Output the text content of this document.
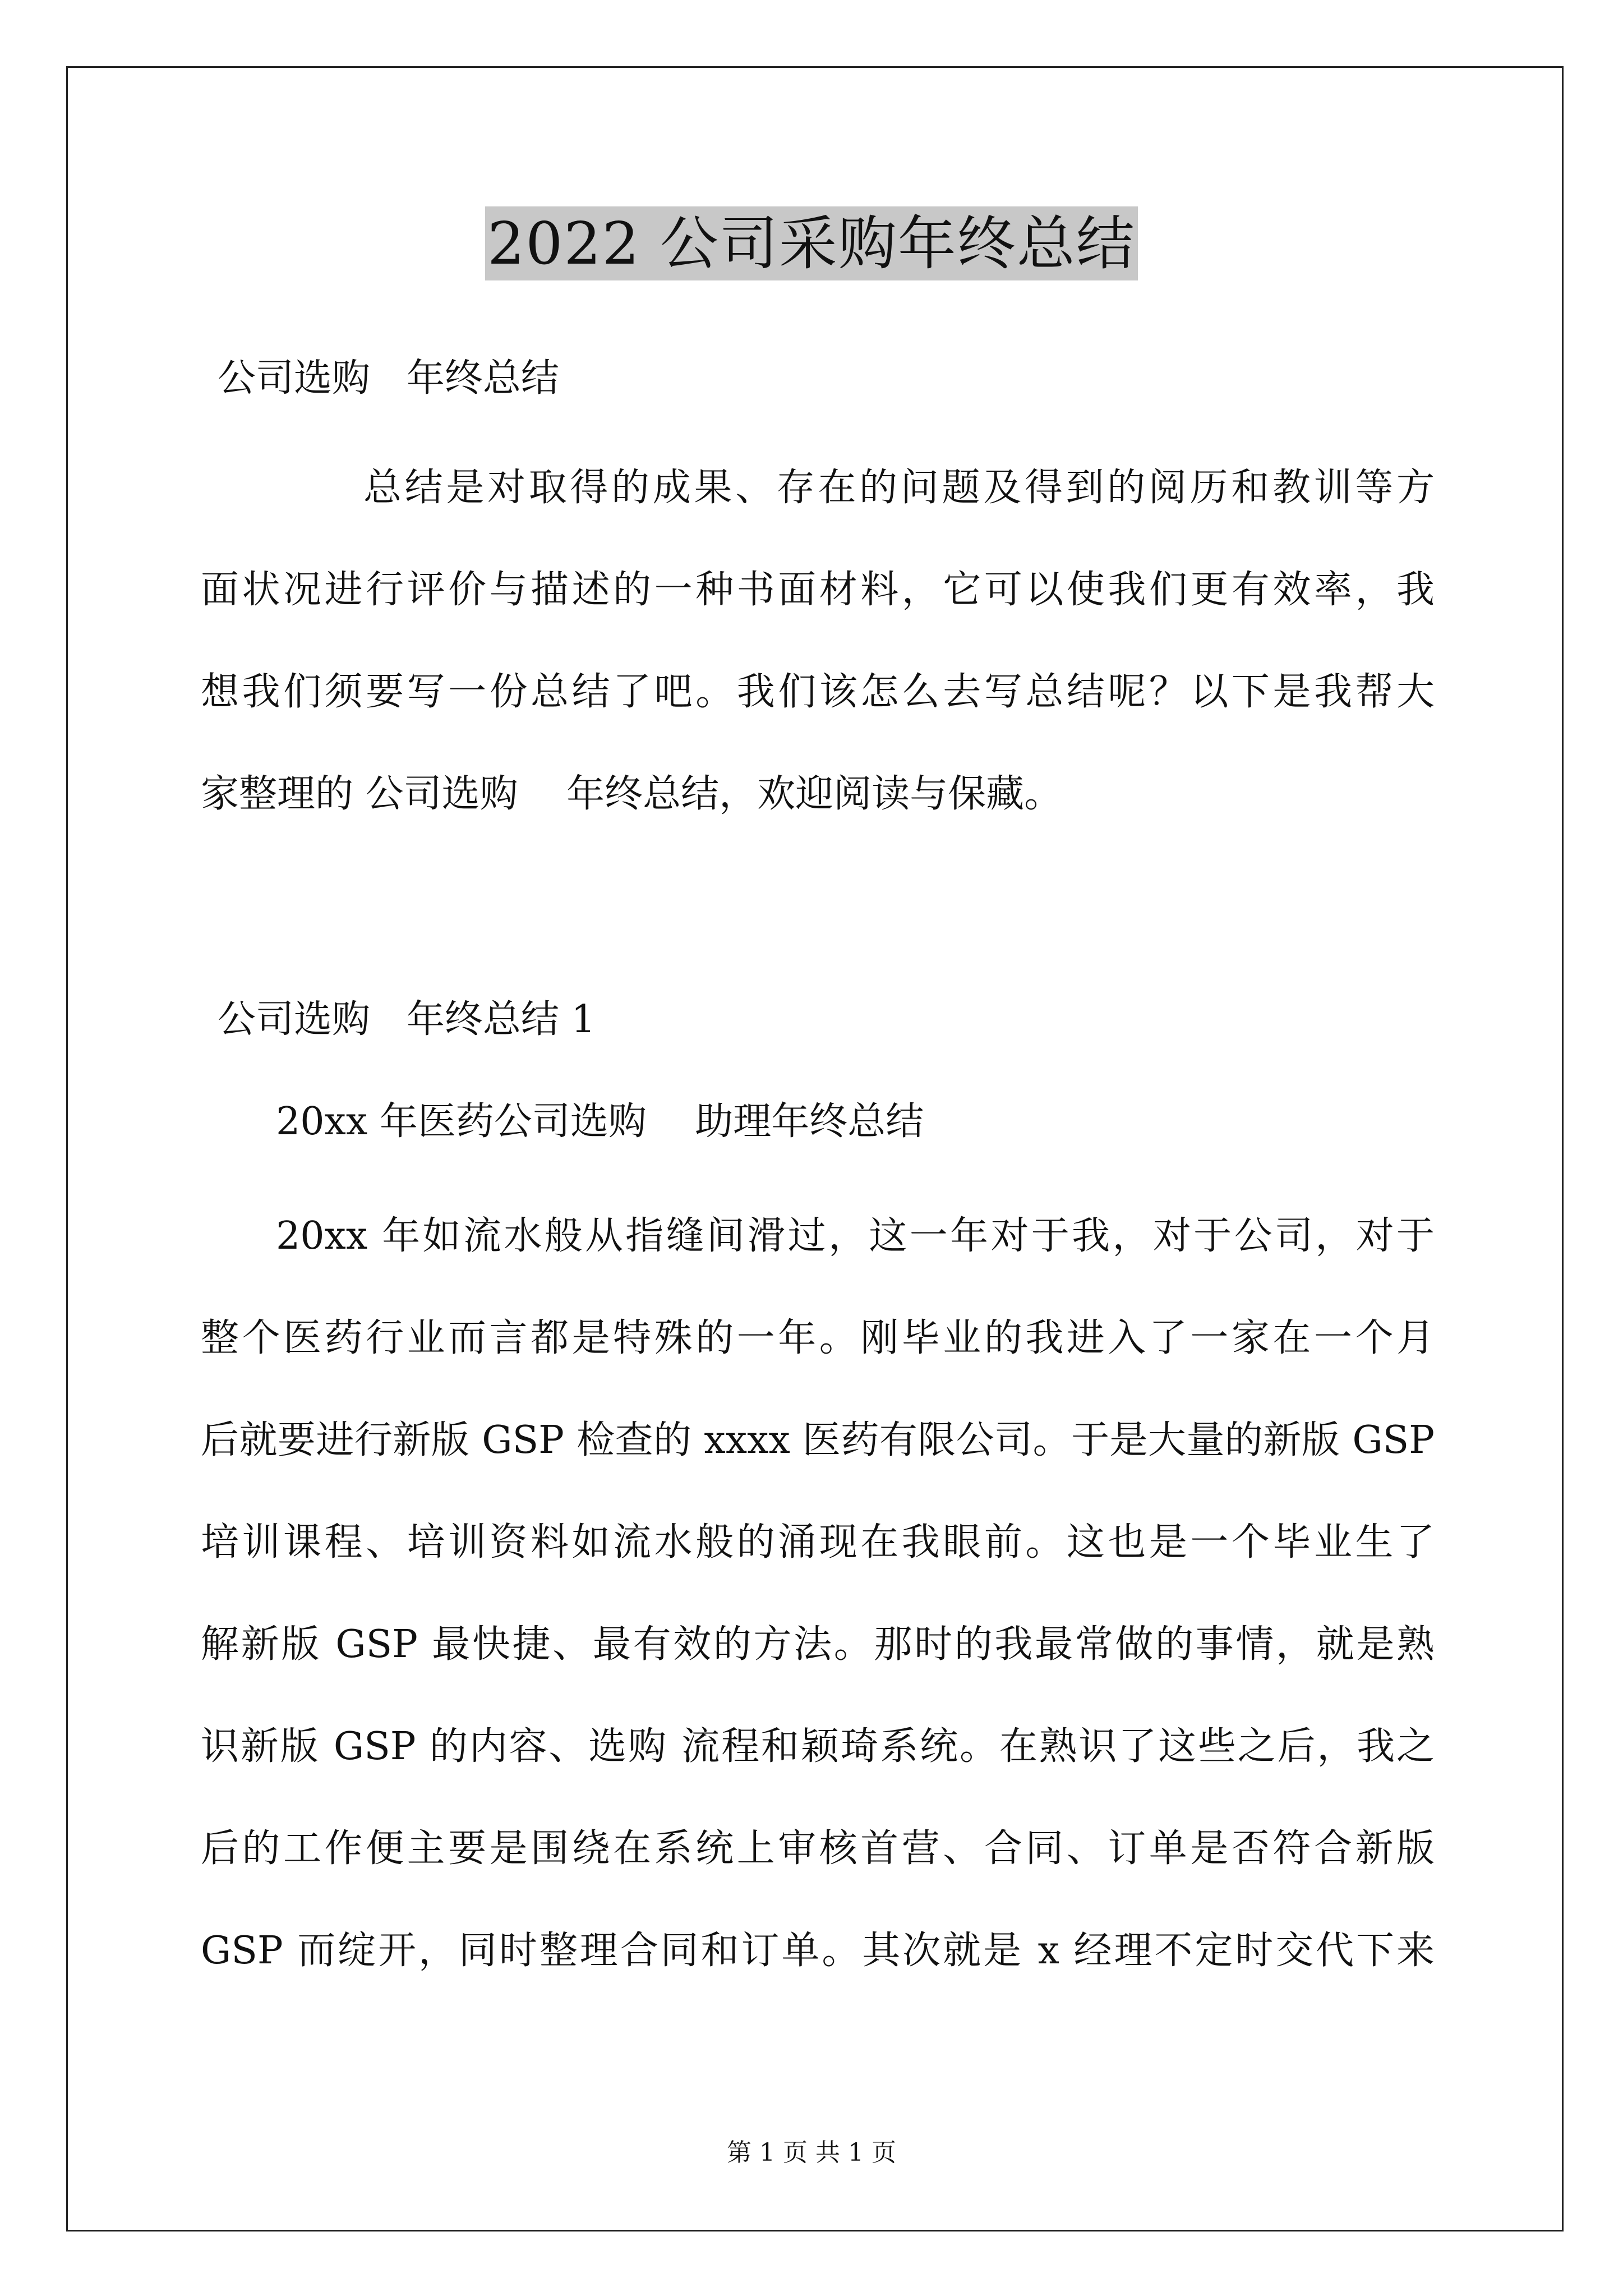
2022 公司采购年终总结
公司选购   年终总结
总结是对取得的成果、存在的问题及得到的阅历和教训等方
面状况进行评价与描述的一种书面材料，它可以使我们更有效率，我
想我们须要写一份总结了吧。我们该怎么去写总结呢？以下是我帮大
家整理的 公司选购    年终总结，欢迎阅读与保藏。
公司选购   年终总结 1
20xx 年医药公司选购    助理年终总结
20xx 年如流水般从指缝间滑过，这一年对于我，对于公司，对于
整个医药行业而言都是特殊的一年。刚毕业的我进入了一家在一个月
后就要进行新版 GSP 检查的 xxxx 医药有限公司。于是大量的新版 GSP
培训课程、培训资料如流水般的涌现在我眼前。这也是一个毕业生了
解新版 GSP 最快捷、最有效的方法。那时的我最常做的事情，就是熟
识新版 GSP 的内容、选购 流程和颖琦系统。在熟识了这些之后，我之
后的工作便主要是围绕在系统上审核首营、合同、订单是否符合新版
GSP 而绽开，同时整理合同和订单。其次就是 x 经理不定时交代下来
第 1 页 共 1 页
